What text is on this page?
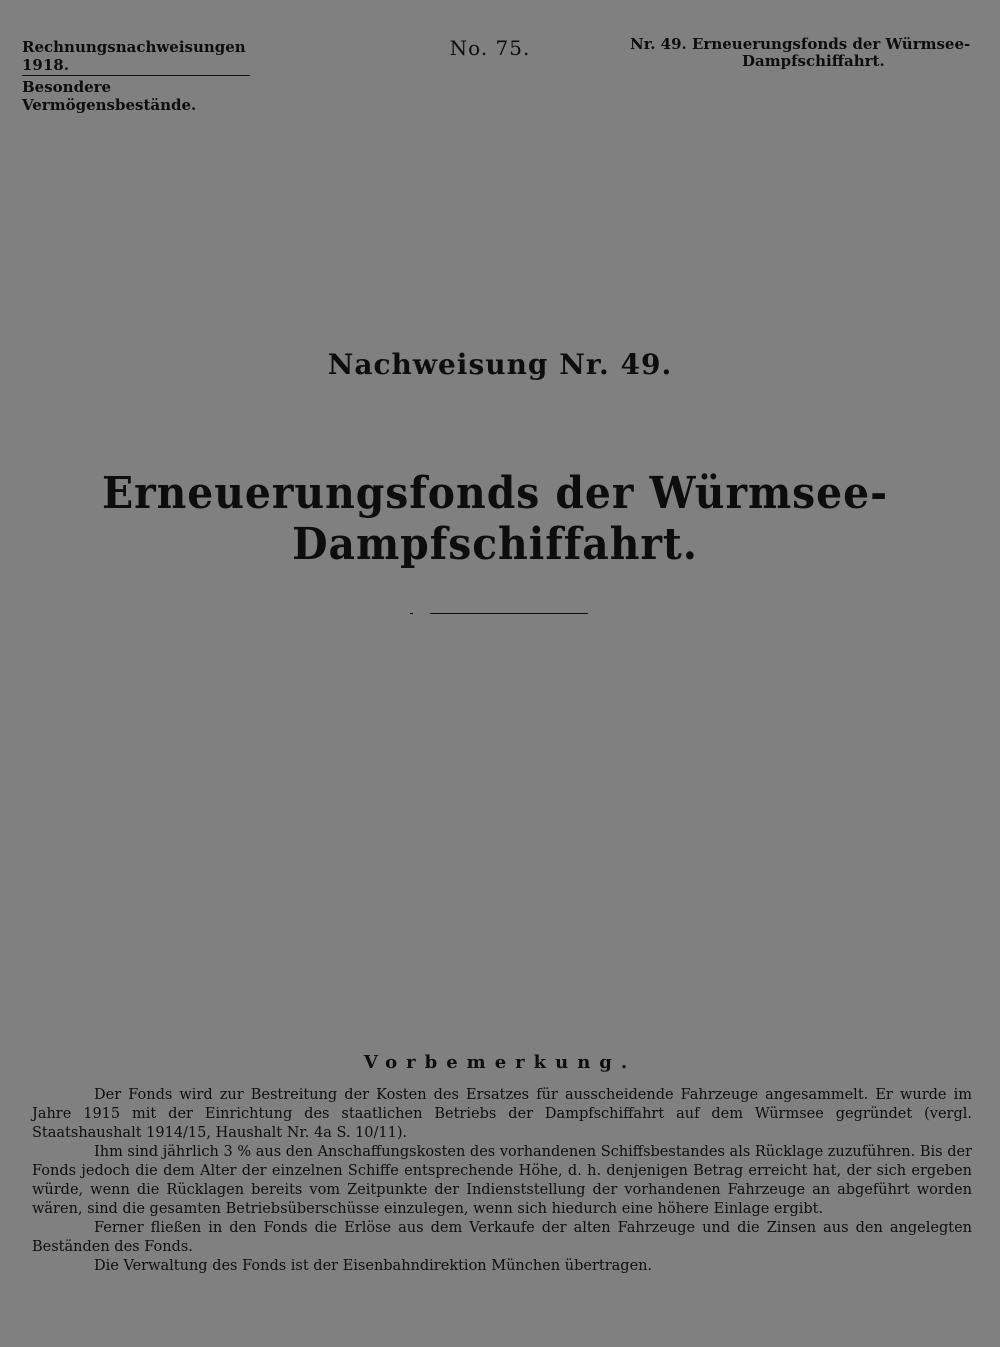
Rechnungsnachweisungen 1918.
Besondere Vermögensbestände.
No. 75.	Nr. 49. Erneuerungsfonds der Würmsee-
Dampfschiffahrt.
Nachweisung Nr. 49.
Erneuerungsfonds der Würmsee-Dampfschiffahrt.
Vorbemerkung.

Der Fonds wird zur Bestreitung der Kosten des Ersatzes für ausscheidende Fahrzeuge angesammelt. Er wurde im Jahre 1915 mit der Einrichtung des staatlichen Betriebs der Dampfschiffahrt auf dem Würmsee gegründet (vergl. Staatshaushalt 1914/15, Haushalt Nr. 4a S. 10/11).

Ihm sind jährlich 3 % aus den Anschaffungskosten des vorhandenen Schiffsbestandes als Rücklage zuzuführen. Bis der Fonds jedoch die dem Alter der einzelnen Schiffe entsprechende Höhe, d. h. denjenigen Betrag erreicht hat, der sich ergeben würde, wenn die Rücklagen bereits vom Zeitpunkte der Indienststellung der vorhandenen Fahrzeuge an abgeführt worden wären, sind die gesamten Betriebsüberschüsse einzulegen, wenn sich hiedurch eine höhere Einlage ergibt.

Ferner fließen in den Fonds die Erlöse aus dem Verkaufe der alten Fahrzeuge und die Zinsen aus den angelegten Beständen des Fonds.

Die Verwaltung des Fonds ist der Eisenbahndirektion München übertragen.
